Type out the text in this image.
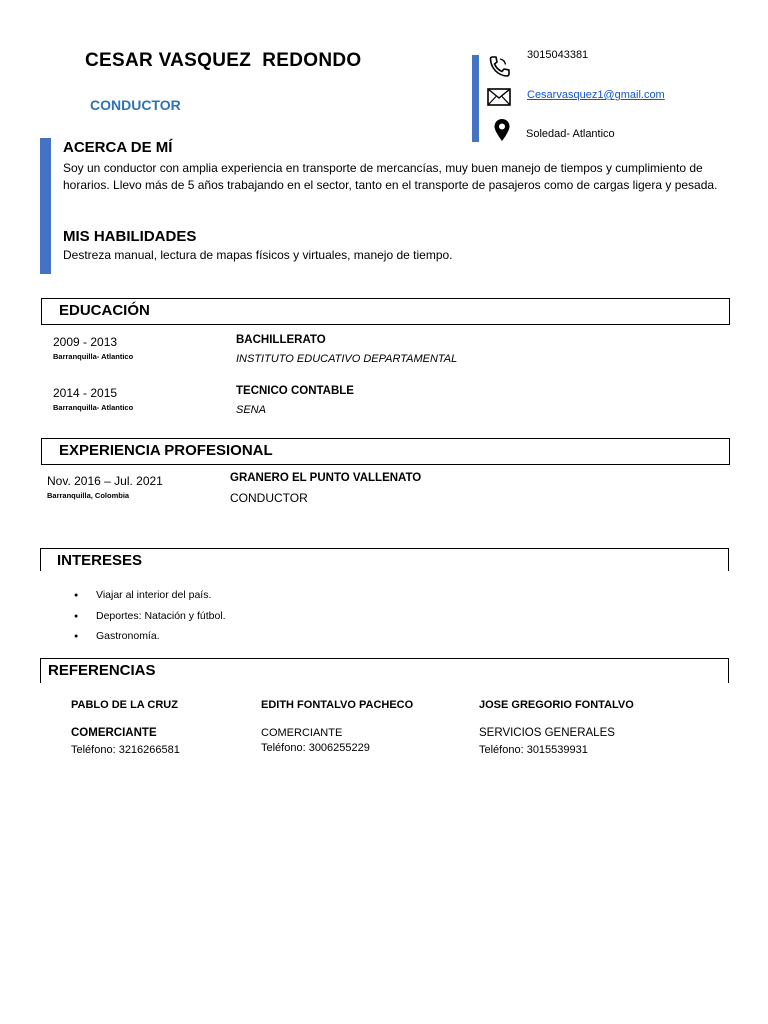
CESAR VASQUEZ  REDONDO
CONDUCTOR
3015043381
Cesarvasquez1@gmail.com
Soledad- Atlantico
ACERCA DE MÍ
Soy un conductor con amplia experiencia en transporte de mercancías, muy buen manejo de tiempos y cumplimiento de horarios. Llevo más de 5 años trabajando en el sector, tanto en el transporte de pasajeros como de cargas ligera y pesada.
MIS HABILIDADES
Destreza manual, lectura de mapas físicos y virtuales, manejo de tiempo.
EDUCACIÓN
2009 - 2013
Barranquilla- Atlantico
BACHILLERATO
INSTITUTO EDUCATIVO DEPARTAMENTAL
2014 - 2015
Barranquilla- Atlantico
TECNICO CONTABLE
SENA
EXPERIENCIA PROFESIONAL
Nov. 2016 – Jul. 2021
Barranquilla, Colombia
GRANERO EL PUNTO VALLENATO
CONDUCTOR
INTERESES
● Viajar al interior del país.
● Deportes: Natación y fútbol.
● Gastronomía.
REFERENCIAS
PABLO DE LA CRUZ
COMERCIANTE
Teléfono: 3216266581
EDITH FONTALVO PACHECO
COMERCIANTE
Teléfono: 3006255229
JOSE GREGORIO FONTALVO
SERVICIOS GENERALES
Teléfono: 3015539931
